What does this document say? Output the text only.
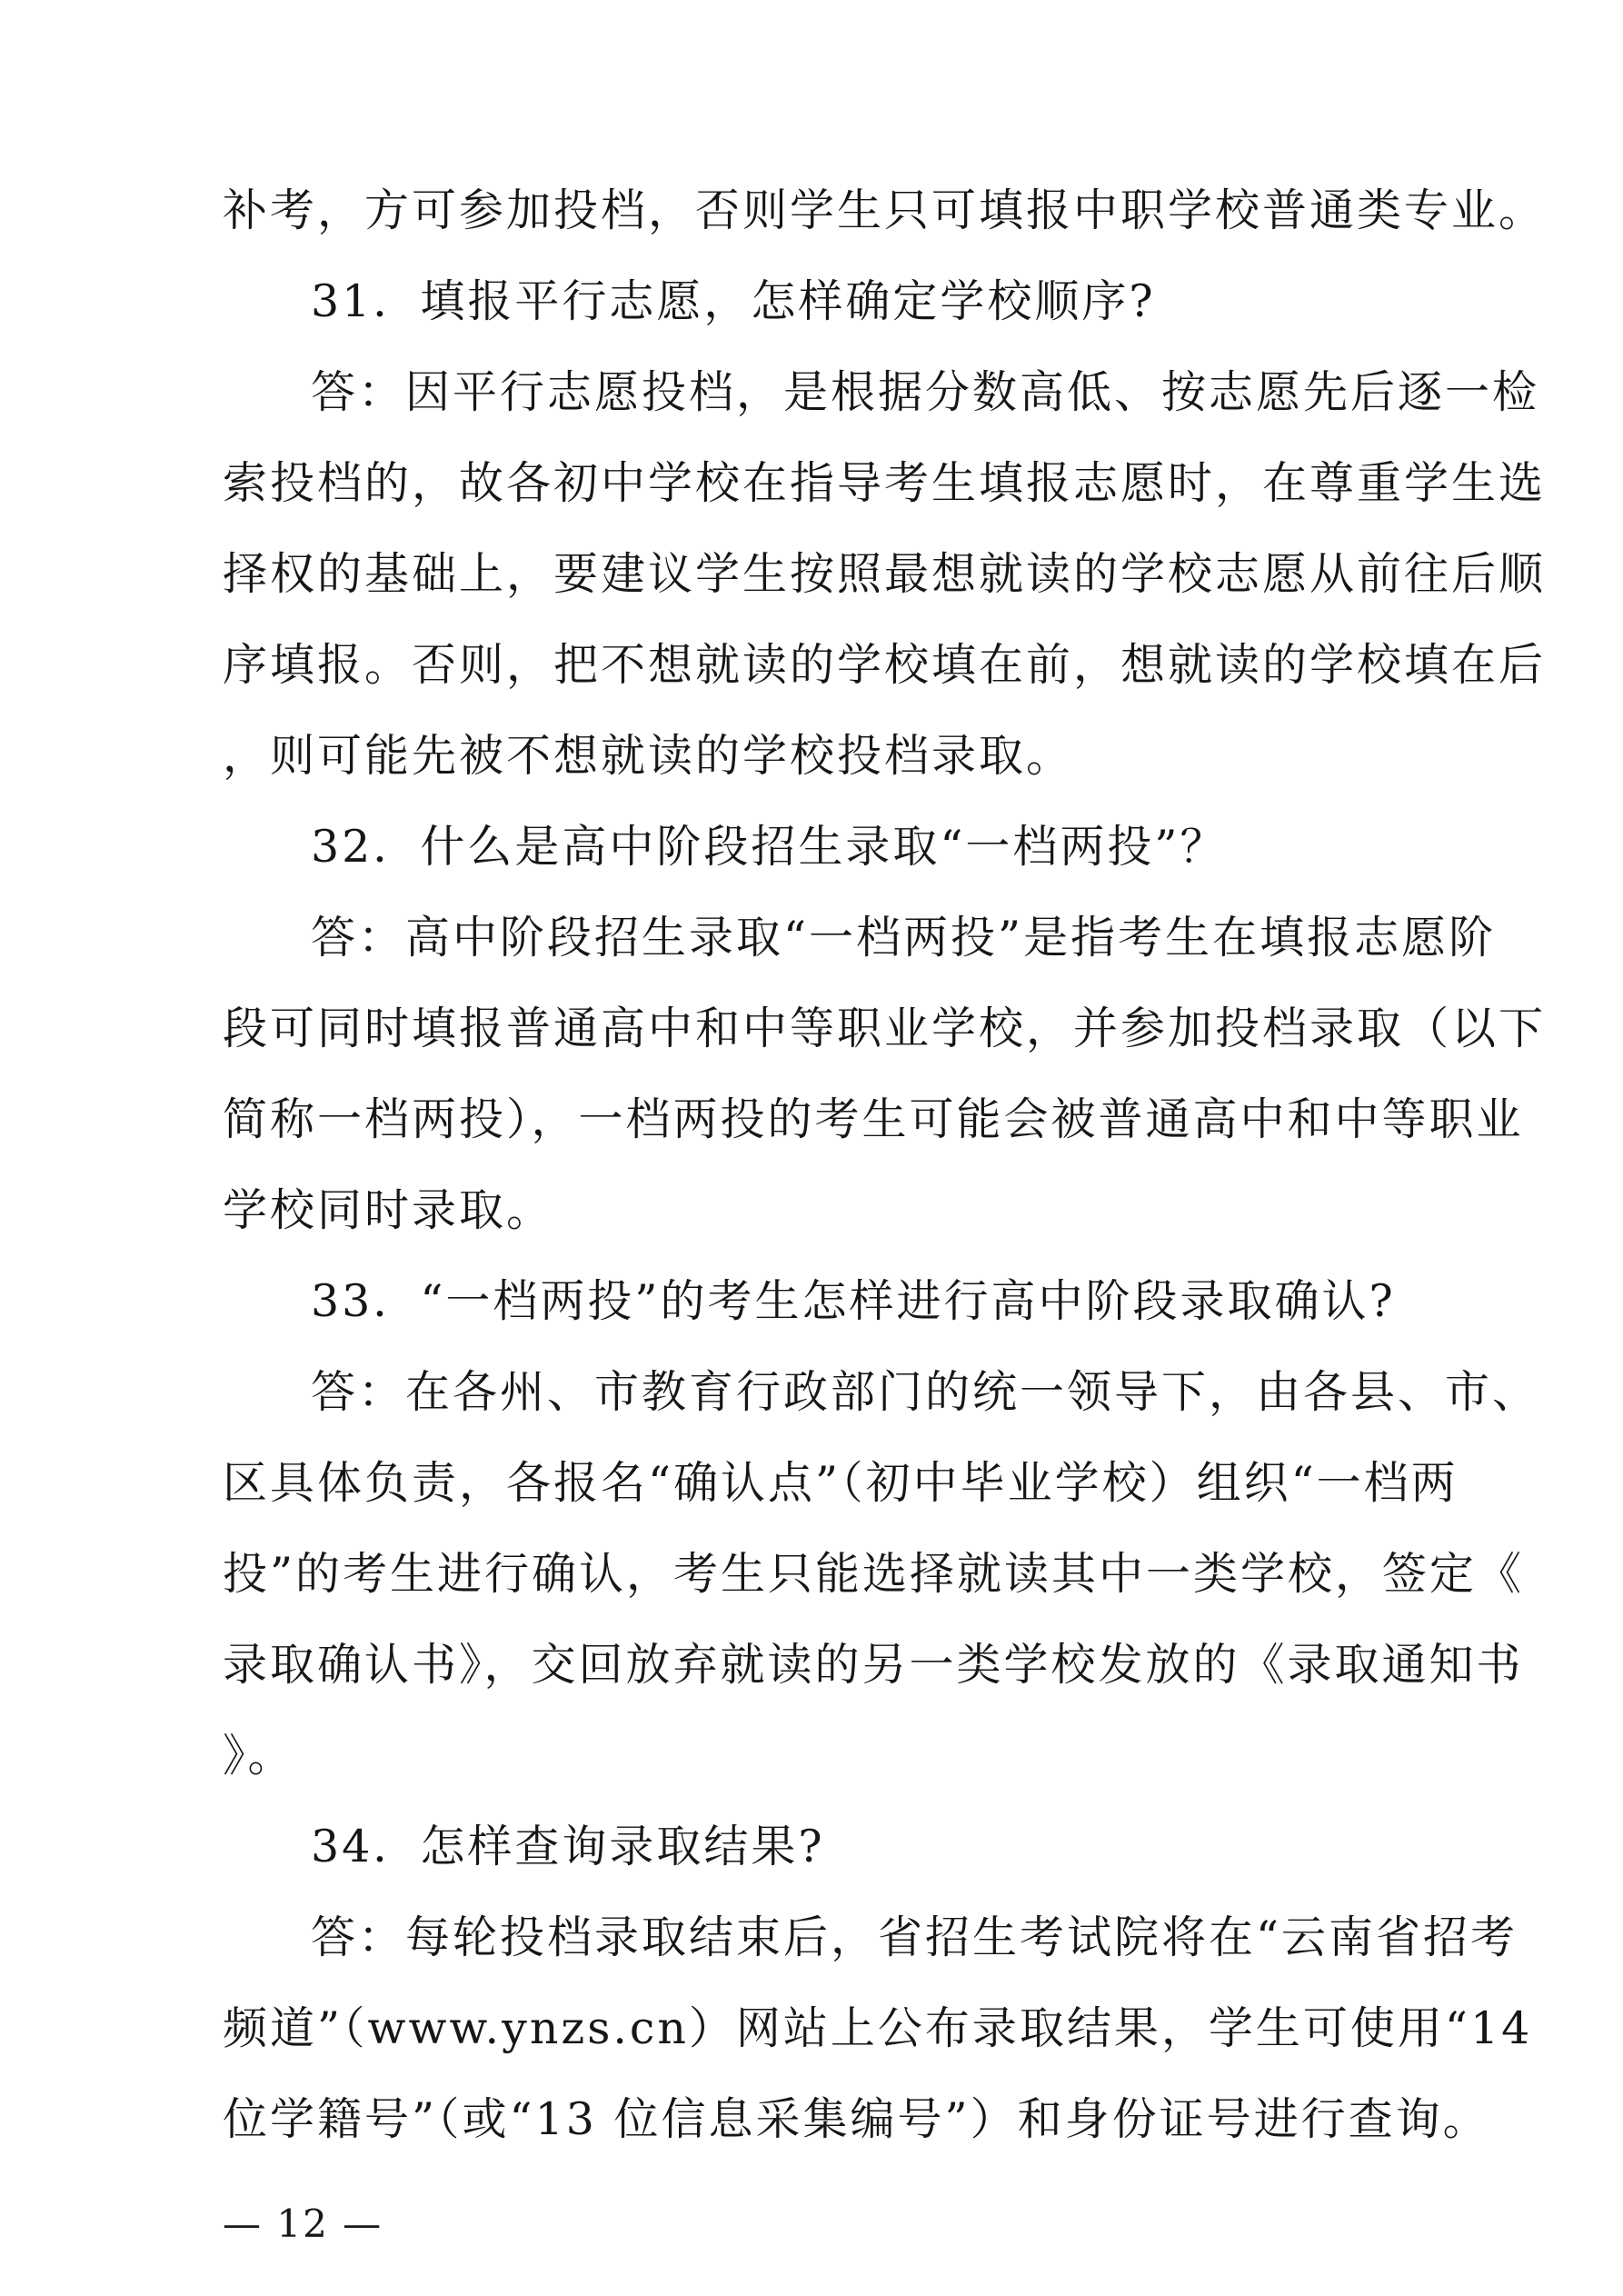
补考，方可参加投档，否则学生只可填报中职学校普通类专业。
31．填报平行志愿，怎样确定学校顺序?
答：因平行志愿投档，是根据分数高低、按志愿先后逐一检
索投档的，故各初中学校在指导考生填报志愿时，在尊重学生选
择权的基础上，要建议学生按照最想就读的学校志愿从前往后顺
序填报。否则，把不想就读的学校填在前，想就读的学校填在后
，则可能先被不想就读的学校投档录取。
32．什么是高中阶段招生录取“一档两投”？
答：高中阶段招生录取“一档两投”是指考生在填报志愿阶
段可同时填报普通高中和中等职业学校，并参加投档录取（以下
简称一档两投），一档两投的考生可能会被普通高中和中等职业
学校同时录取。
33．“一档两投”的考生怎样进行高中阶段录取确认?
答：在各州、市教育行政部门的统一领导下，由各县、市、
区具体负责，各报名“确认点”（初中毕业学校）组织“一档两
投”的考生进行确认，考生只能选择就读其中一类学校，签定《
录取确认书》，交回放弃就读的另一类学校发放的《录取通知书
》。
34．怎样查询录取结果?
答：每轮投档录取结束后，省招生考试院将在“云南省招考
频道”（www.ynzs.cn）网站上公布录取结果，学生可使用“14
位学籍号”（或“13 位信息采集编号”）和身份证号进行查询。
— 12 —
